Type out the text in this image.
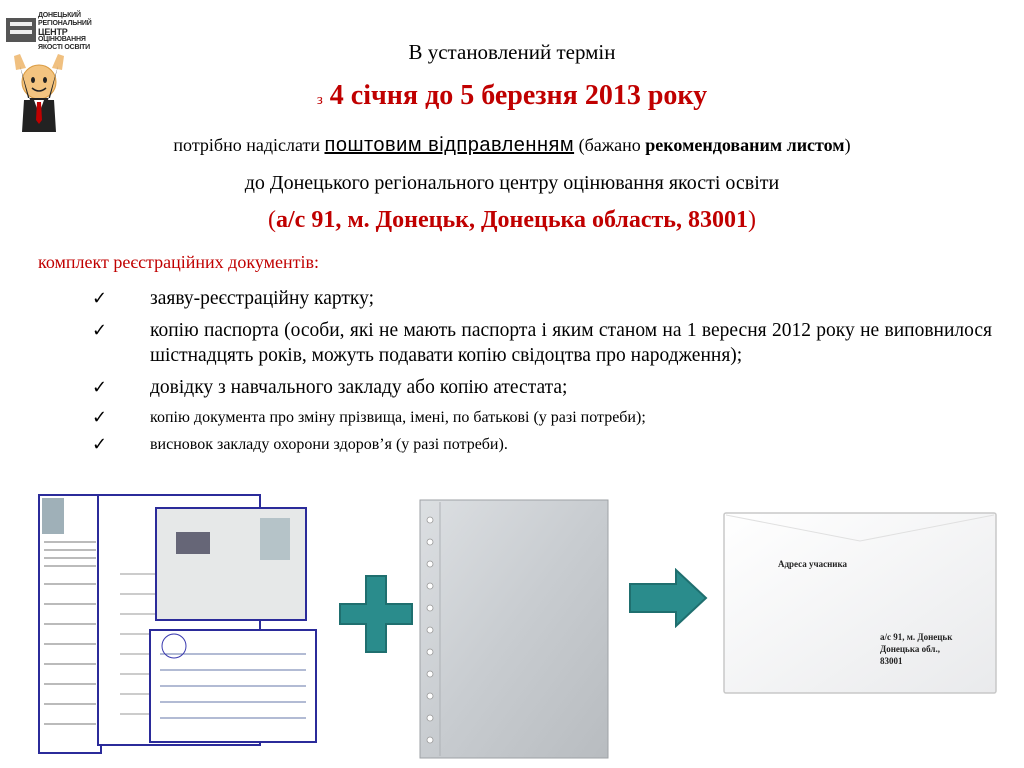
ДОНЕЦЬКИЙ
РЕГІОНАЛЬНИЙ
ЦЕНТР
ОЦІНЮВАННЯ
ЯКОСТІ ОСВІТИ	В установлений термін
з 4 січня до 5 березня 2013 року
потрібно надіслати поштовим відправленням (бажано рекомендованим листом)
до Донецького регіонального центру оцінювання якості освіти
(а/с 91, м. Донецьк, Донецька область, 83001)
комплект реєстраційних документів:
✓ заяву-реєстраційну картку;
✓ копію паспорта (особи, які не мають паспорта і яким станом на 1 вересня 2012 року не виповнилося шістнадцять років, можуть подавати копію свідоцтва про народження);
✓ довідку з навчального закладу або копію атестата;
✓	копію документа про зміну прізвища, імені, по батькові (у разі потреби);
✓	висновок закладу охорони здоров’я (у разі потреби).
Адреса учасника
а/с 91, м. Донецьк
Донецька обл.,
83001
